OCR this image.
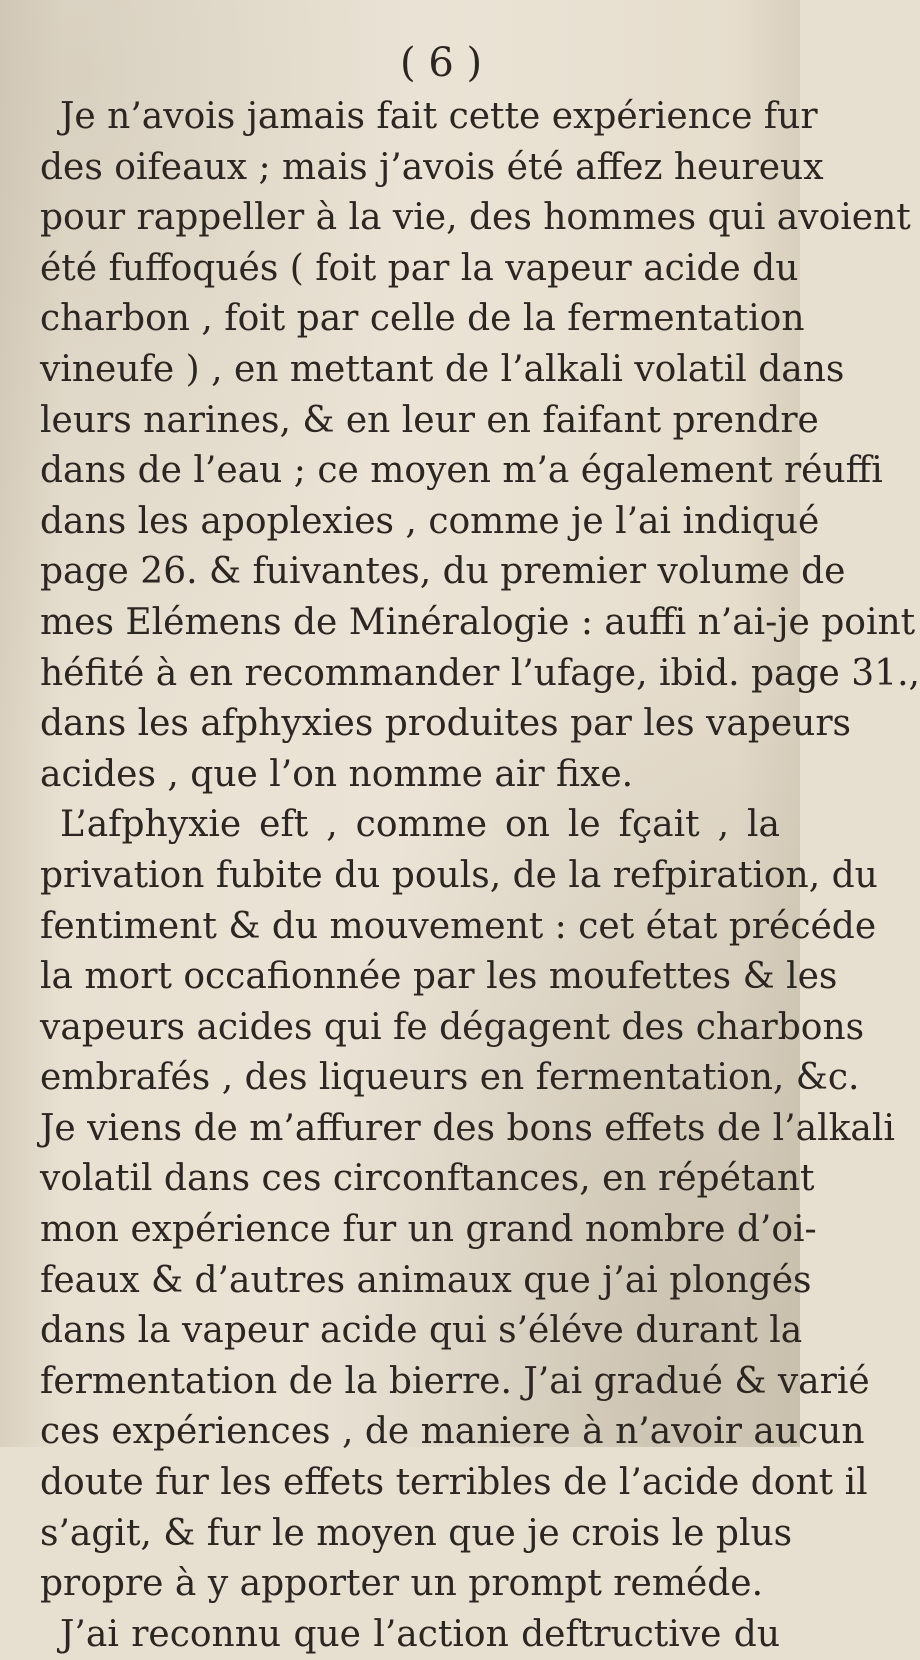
( 6 )
Je n’avois jamais fait cette expérience fur
des oifeaux ; mais j’avois été affez heureux
pour rappeller à la vie, des hommes qui avoient
été fuffoqués ( foit par la vapeur acide du
charbon , foit par celle de la fermentation
vineufe ) , en mettant de l’alkali volatil dans
leurs narines, & en leur en faifant prendre
dans de l’eau ; ce moyen m’a également réuffi
dans les apoplexies , comme je l’ai indiqué
page 26. & fuivantes, du premier volume de
mes Elémens de Minéralogie : auffi n’ai-je point
héfité à en recommander l’ufage, ibid. page 31.,
dans les afphyxies produites par les vapeurs
acides , que l’on nomme air fixe.
L’afphyxie eft , comme on le fçait , la
privation fubite du pouls, de la refpiration, du
fentiment & du mouvement : cet état précéde
la mort occafionnée par les moufettes & les
vapeurs acides qui fe dégagent des charbons
embrafés , des liqueurs en fermentation, &c.
Je viens de m’affurer des bons effets de l’alkali
volatil dans ces circonftances, en répétant
mon expérience fur un grand nombre d’oi-
feaux & d’autres animaux que j’ai plongés
dans la vapeur acide qui s’éléve durant la
fermentation de la bierre. J’ai gradué & varié
ces expériences , de maniere à n’avoir aucun
doute fur les effets terribles de l’acide dont il
s’agit, & fur le moyen que je crois le plus
propre à y apporter un prompt reméde.
J’ai reconnu que l’action deftructive du
